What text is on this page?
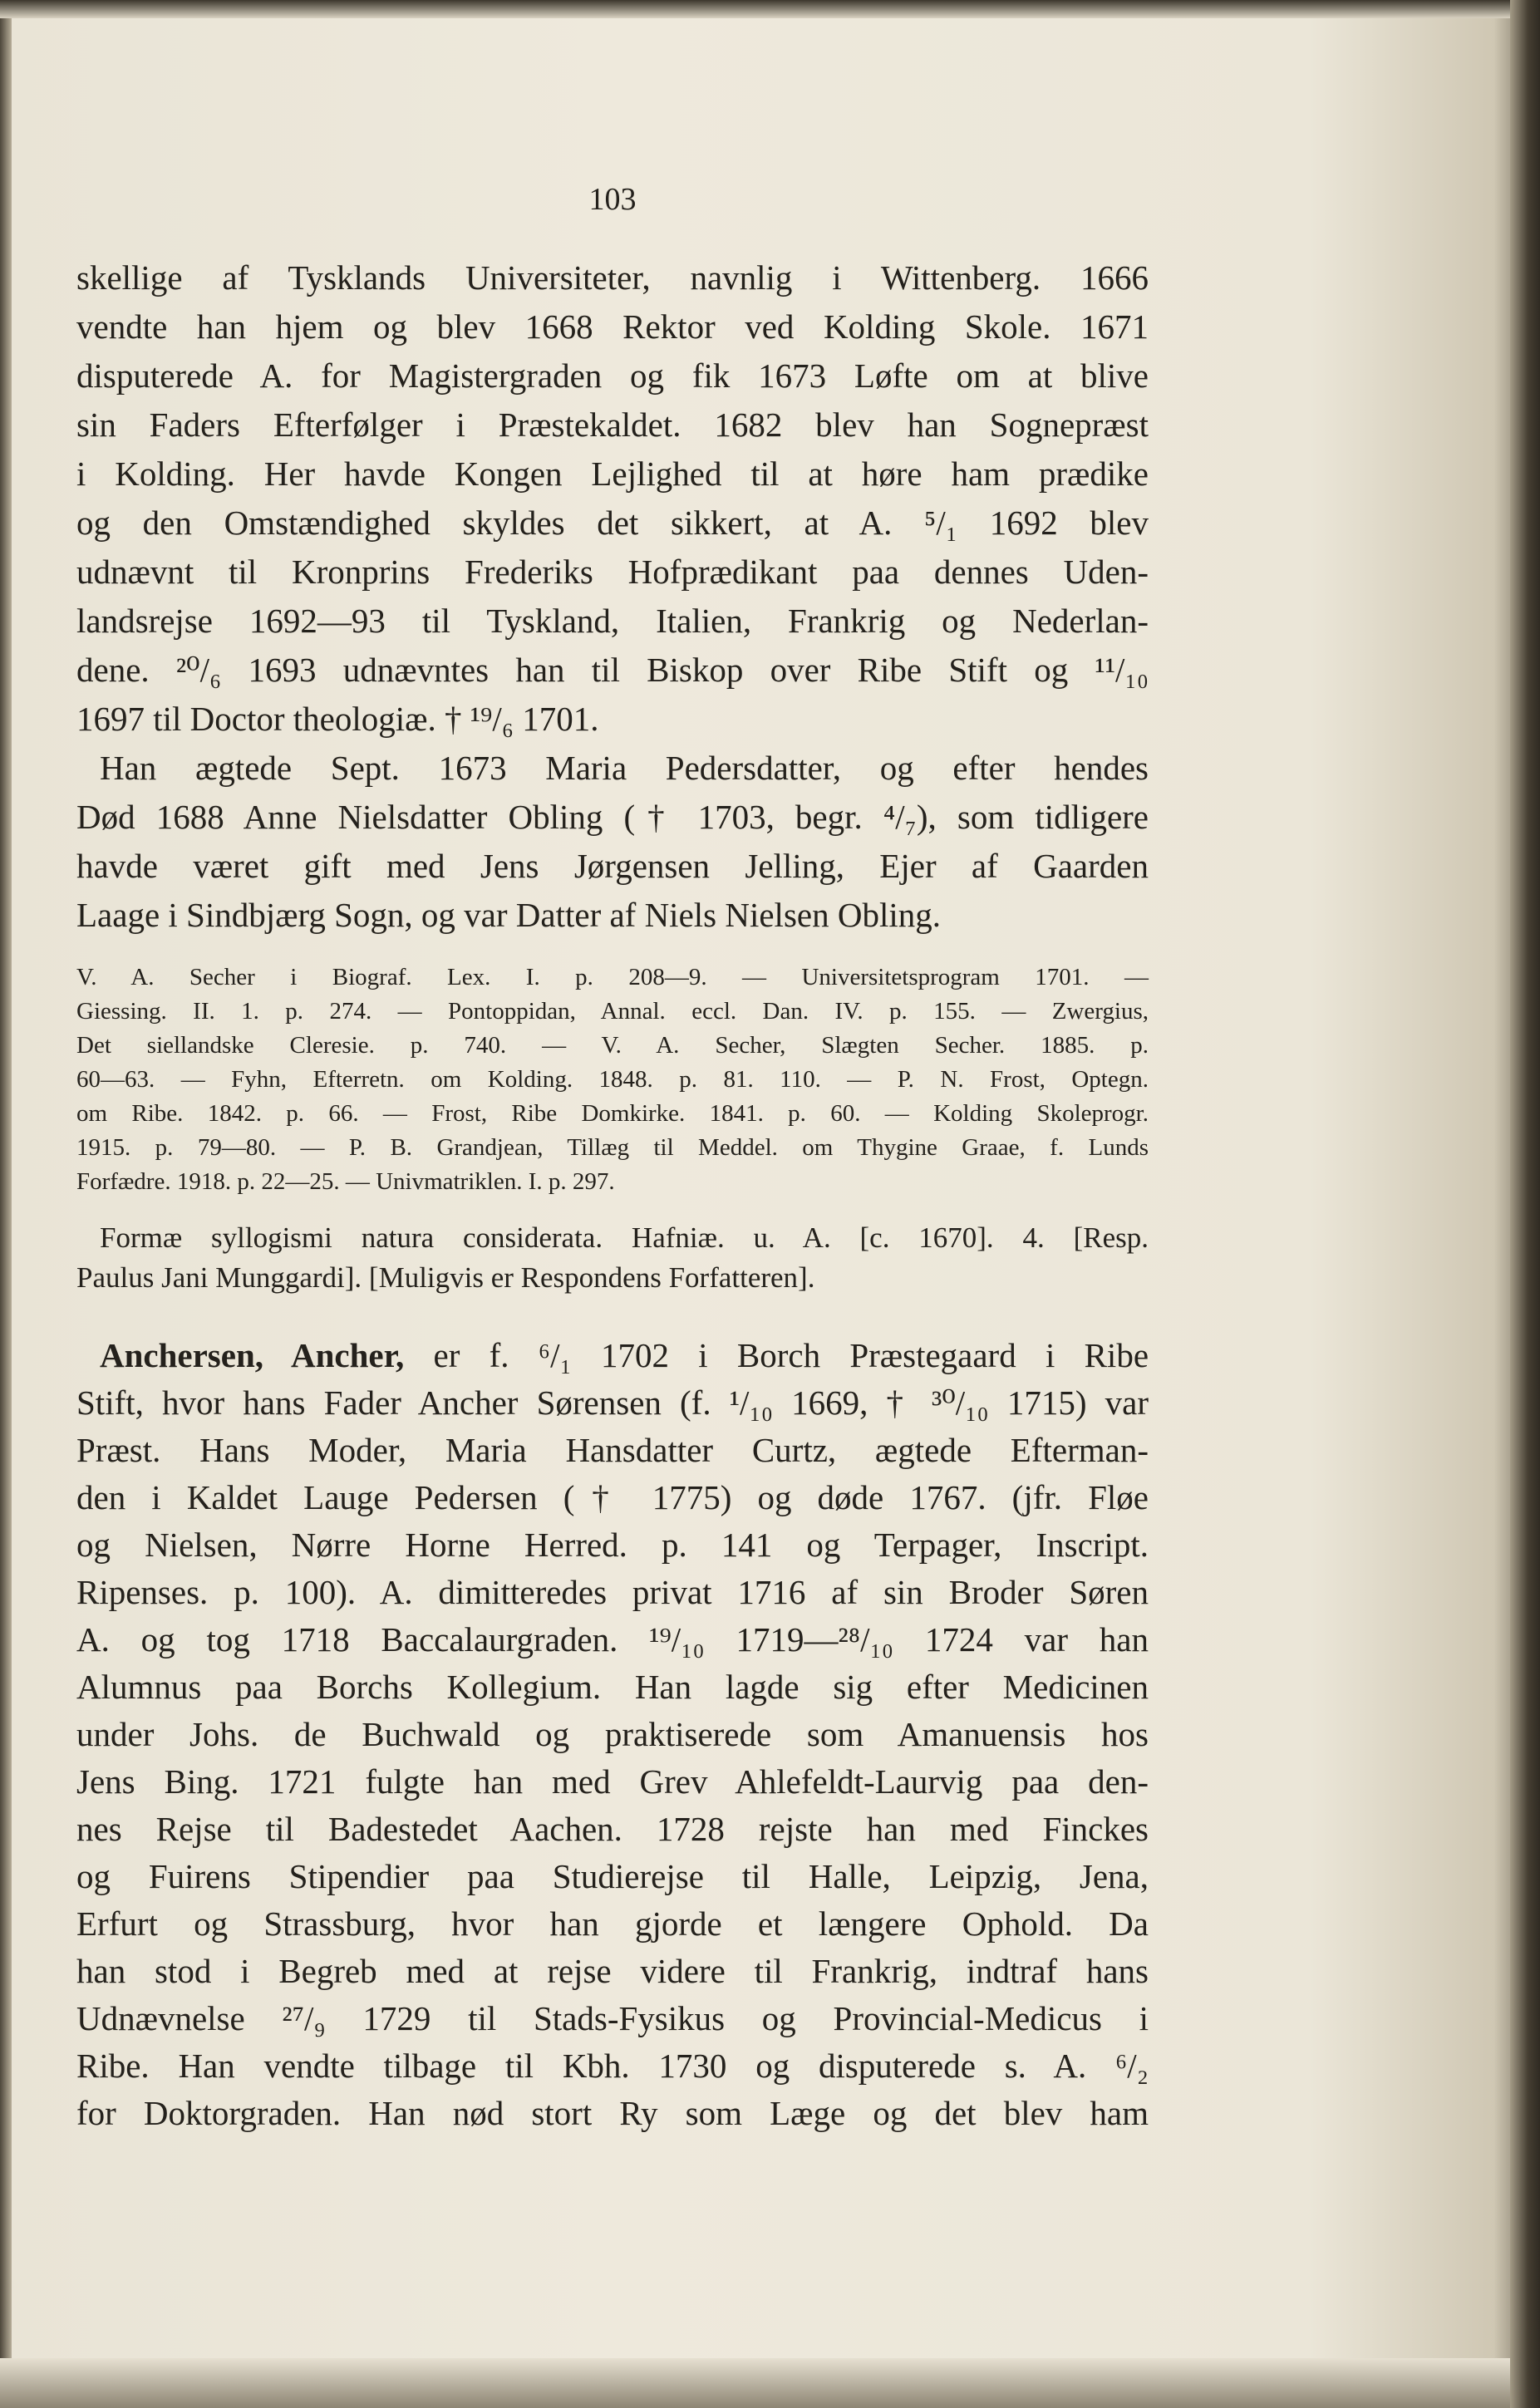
103
skellige af Tysklands Universiteter, navnlig i Wittenberg. 1666
vendte han hjem og blev 1668 Rektor ved Kolding Skole. 1671
disputerede A. for Magistergraden og fik 1673 Løfte om at blive
sin Faders Efterfølger i Præstekaldet. 1682 blev han Sognepræst
i Kolding. Her havde Kongen Lejlighed til at høre ham prædike
og den Omstændighed skyldes det sikkert, at A. ⁵/₁ 1692 blev
udnævnt til Kronprins Frederiks Hofprædikant paa dennes Uden-
landsrejse 1692—93 til Tyskland, Italien, Frankrig og Nederlan-
dene. ²⁰/₆ 1693 udnævntes han til Biskop over Ribe Stift og ¹¹/₁₀
1697 til Doctor theologiæ. † ¹⁹/₆ 1701.
Han ægtede Sept. 1673 Maria Pedersdatter, og efter hendes
Død 1688 Anne Nielsdatter Obling († 1703, begr. ⁴/₇), som tidligere
havde været gift med Jens Jørgensen Jelling, Ejer af Gaarden
Laage i Sindbjærg Sogn, og var Datter af Niels Nielsen Obling.
V. A. Secher i Biograf. Lex. I. p. 208—9. — Universitetsprogram 1701. —
Giessing. II. 1. p. 274. — Pontoppidan, Annal. eccl. Dan. IV. p. 155. — Zwergius,
Det siellandske Cleresie. p. 740. — V. A. Secher, Slægten Secher. 1885. p.
60—63. — Fyhn, Efterretn. om Kolding. 1848. p. 81. 110. — P. N. Frost, Optegn.
om Ribe. 1842. p. 66. — Frost, Ribe Domkirke. 1841. p. 60. — Kolding Skoleprogr.
1915. p. 79—80. — P. B. Grandjean, Tillæg til Meddel. om Thygine Graae, f. Lunds
Forfædre. 1918. p. 22—25. — Univmatriklen. I. p. 297.
Formæ syllogismi natura considerata. Hafniæ. u. A. [c. 1670]. 4. [Resp.
Paulus Jani Munggardi]. [Muligvis er Respondens Forfatteren].
Anchersen, Ancher, er f. ⁶/₁ 1702 i Borch Præstegaard i Ribe
Stift, hvor hans Fader Ancher Sørensen (f. ¹/₁₀ 1669, † ³⁰/₁₀ 1715) var
Præst. Hans Moder, Maria Hansdatter Curtz, ægtede Efterman-
den i Kaldet Lauge Pedersen († 1775) og døde 1767. (jfr. Fløe
og Nielsen, Nørre Horne Herred. p. 141 og Terpager, Inscript.
Ripenses. p. 100). A. dimitteredes privat 1716 af sin Broder Søren
A. og tog 1718 Baccalaurgraden. ¹⁹/₁₀ 1719—²⁸/₁₀ 1724 var han
Alumnus paa Borchs Kollegium. Han lagde sig efter Medicinen
under Johs. de Buchwald og praktiserede som Amanuensis hos
Jens Bing. 1721 fulgte han med Grev Ahlefeldt-Laurvig paa den-
nes Rejse til Badestedet Aachen. 1728 rejste han med Finckes
og Fuirens Stipendier paa Studierejse til Halle, Leipzig, Jena,
Erfurt og Strassburg, hvor han gjorde et længere Ophold. Da
han stod i Begreb med at rejse videre til Frankrig, indtraf hans
Udnævnelse ²⁷/₉ 1729 til Stads-Fysikus og Provincial-Medicus i
Ribe. Han vendte tilbage til Kbh. 1730 og disputerede s. A. ⁶/₂
for Doktorgraden. Han nød stort Ry som Læge og det blev ham
